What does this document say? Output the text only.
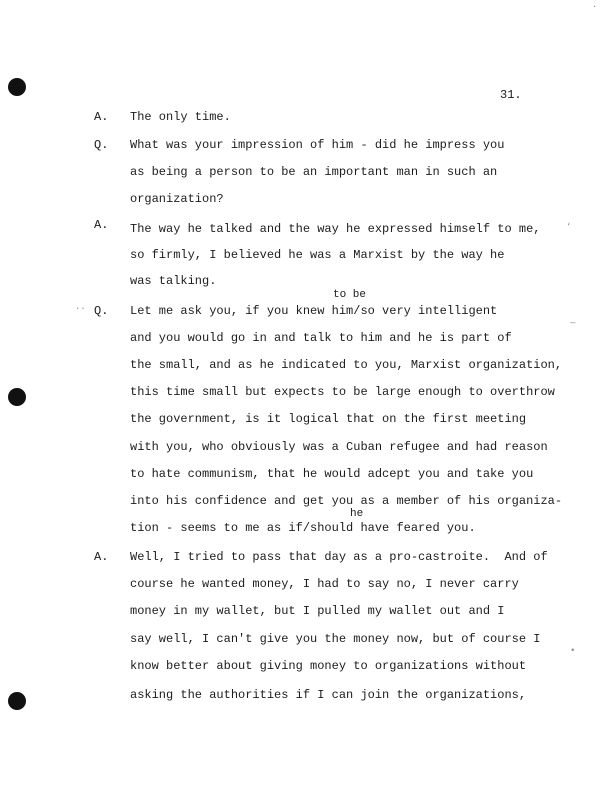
∙
··
‘
—
•
31.
A. The only time.
Q. What was your impression of him - did he impress you
as being a person to be an important man in such an
organization?
A. The way he talked and the way he expressed himself to me,
so firmly, I believed he was a Marxist by the way he
was talking.
to be
Q. Let me ask you, if you knew him/so very intelligent
and you would go in and talk to him and he is part of
the small, and as he indicated to you, Marxist organization,
this time small but expects to be large enough to overthrow
the government, is it logical that on the first meeting
with you, who obviously was a Cuban refugee and had reason
to hate communism, that he would adcept you and take you
into his confidence and get you as a member of his organiza-
he
tion - seems to me as if/should have feared you.
A. Well, I tried to pass that day as a pro-castroite.  And of
course he wanted money, I had to say no, I never carry
money in my wallet, but I pulled my wallet out and I
say well, I can't give you the money now, but of course I
know better about giving money to organizations without
asking the authorities if I can join the organizations,
